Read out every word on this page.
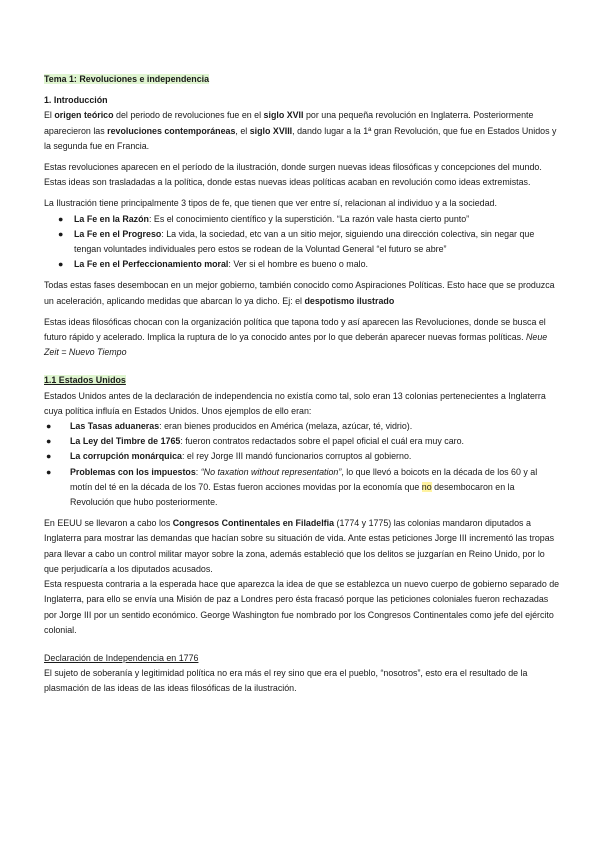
Tema 1: Revoluciones e independencia

1. Introducción

El origen teórico del periodo de revoluciones fue en el siglo XVII por una pequeña revolución en Inglaterra. Posteriormente aparecieron las revoluciones contemporáneas, el siglo XVIII, dando lugar a la 1ª gran Revolución, que fue en Estados Unidos y la segunda fue en Francia.

Estas revoluciones aparecen en el período de la ilustración, donde surgen nuevas ideas filosóficas y concepciones del mundo. Estas ideas son trasladadas a la política, donde estas nuevas ideas políticas acaban en revolución como ideas extremistas.

La Ilustración tiene principalmente 3 tipos de fe, que tienen que ver entre sí, relacionan al individuo y a la sociedad.

● La Fe en la Razón: Es el conocimiento científico y la superstición. “La razón vale hasta cierto punto”
● La Fe en el Progreso: La vida, la sociedad, etc van a un sitio mejor, siguiendo una dirección colectiva, sin negar que tengan voluntades individuales pero estos se rodean de la Voluntad General “el futuro se abre”
● La Fe en el Perfeccionamiento moral: Ver si el hombre es bueno o malo.

Todas estas fases desembocan en un mejor gobierno, también conocido como Aspiraciones Políticas. Esto hace que se produzca un aceleración, aplicando medidas que abarcan lo ya dicho. Ej: el despotismo ilustrado

Estas ideas filosóficas chocan con la organización política que tapona todo y así aparecen las Revoluciones, donde se busca el futuro rápido y acelerado. Implica la ruptura de lo ya conocido antes por lo que deberán aparecer nuevas formas políticas. Neue Zeit = Nuevo Tiempo

1.1 Estados Unidos

Estados Unidos antes de la declaración de independencia no existía como tal, solo eran 13 colonias pertenecientes a Inglaterra cuya política influía en Estados Unidos. Unos ejemplos de ello eran:

● Las Tasas aduaneras: eran bienes producidos en América (melaza, azúcar, té, vidrio).
● La Ley del Timbre de 1765: fueron contratos redactados sobre el papel oficial el cuál era muy caro.
● La corrupción monárquica: el rey Jorge III mandó funcionarios corruptos al gobierno.
● Problemas con los impuestos: “No taxation without representation”, lo que llevó a boicots en la década de los 60 y al motín del té en la década de los 70. Estas fueron acciones movidas por la economía que no desembocaron en la Revolución que hubo posteriormente.

En EEUU se llevaron a cabo los Congresos Continentales en Filadelfia (1774 y 1775) las colonias mandaron diputados a Inglaterra para mostrar las demandas que hacían sobre su situación de vida. Ante estas peticiones Jorge III incrementó las tropas para llevar a cabo un control militar mayor sobre la zona, además estableció que los delitos se juzgarían en Reino Unido, por lo que perjudicaría a los diputados acusados.

Esta respuesta contraria a la esperada hace que aparezca la idea de que se establezca un nuevo cuerpo de gobierno separado de Inglaterra, para ello se envía una Misión de paz a Londres pero ésta fracasó porque las peticiones coloniales fueron rechazadas por Jorge III por un sentido económico. George Washington fue nombrado por los Congresos Continentales como jefe del ejército colonial.

Declaración de Independencia en 1776

El sujeto de soberanía y legitimidad política no era más el rey sino que era el pueblo, “nosotros”, esto era el resultado de la plasmación de las ideas de las ideas filosóficas de la ilustración.
